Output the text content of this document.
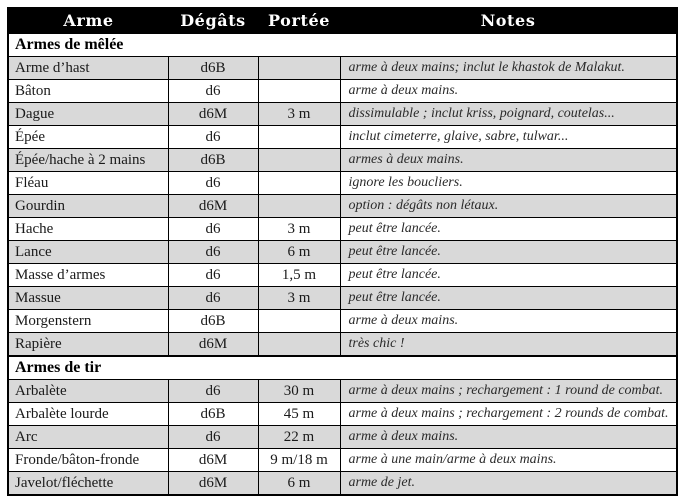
Arme	Dégâts	Portée	Notes
Armes de mêlée			
Arme d’hast	d6B		arme à deux mains; inclut le khastok de Malakut.
Bâton	d6		arme à deux mains.
Dague	d6M	3 m	dissimulable ; inclut kriss, poignard, coutelas...
Épée	d6		inclut cimeterre, glaive, sabre, tulwar...
Épée/hache à 2 mains	d6B		armes à deux mains.
Fléau	d6		ignore les boucliers.
Gourdin	d6M		option : dégâts non létaux.
Hache	d6	3 m	peut être lancée.
Lance	d6	6 m	peut être lancée.
Masse d’armes	d6	1,5 m	peut être lancée.
Massue	d6	3 m	peut être lancée.
Morgenstern	d6B		arme à deux mains.
Rapière	d6M		très chic !
Armes de tir			
Arbalète	d6	30 m	arme à deux mains ; rechargement : 1 round de combat.
Arbalète lourde	d6B	45 m	arme à deux mains ; rechargement : 2 rounds de combat.
Arc	d6	22 m	arme à deux mains.
Fronde/bâton-fronde	d6M	9 m/18 m	arme à une main/arme à deux mains.
Javelot/fléchette	d6M	6 m	arme de jet.
